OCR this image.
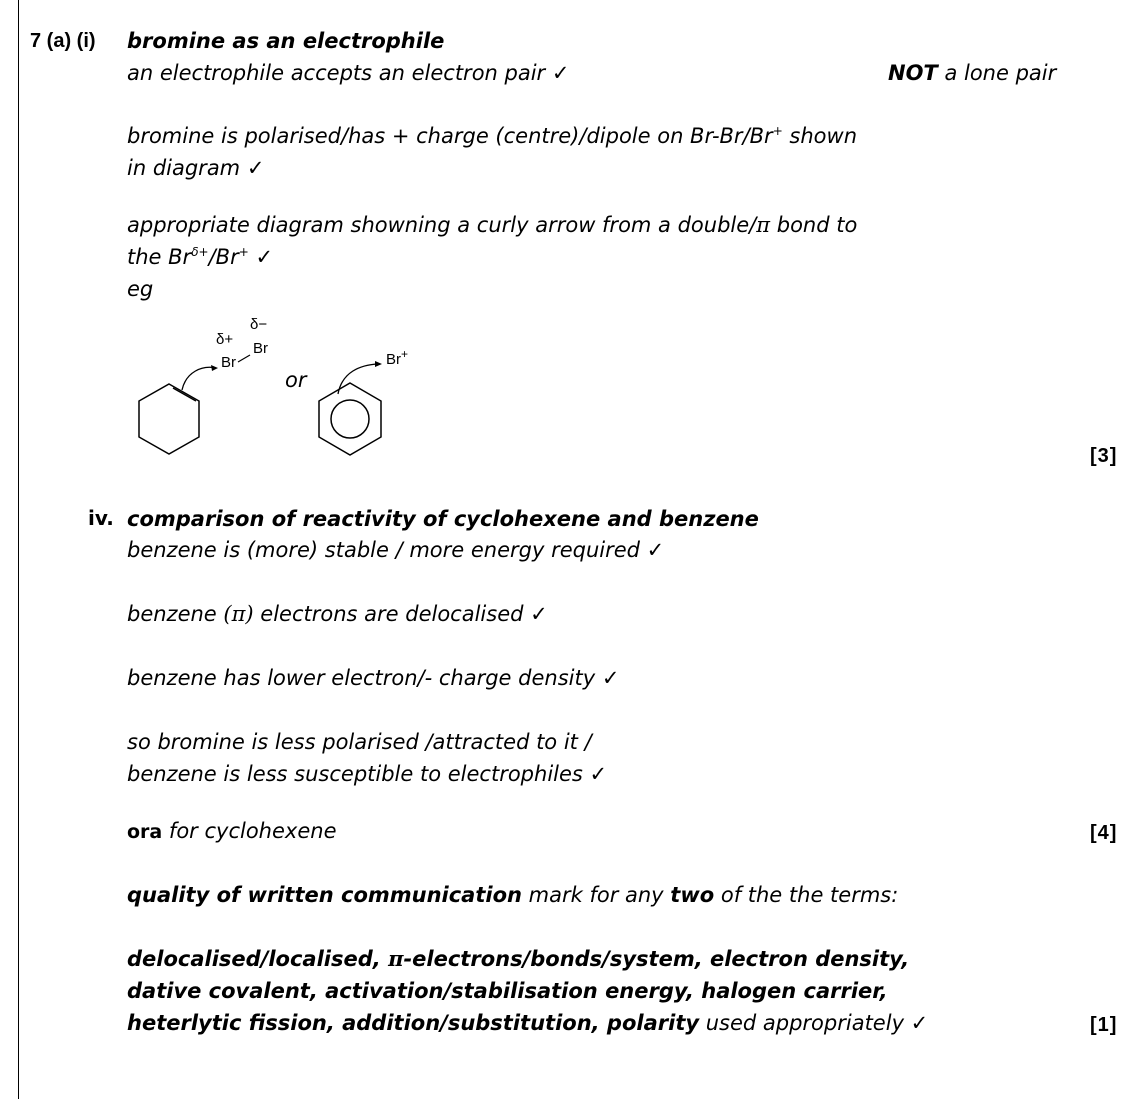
7 (a) (i) bromine as an electrophile
an electrophile accepts an electron pair ✓	NOT a lone pair
bromine is polarised/has + charge (centre)/dipole on Br-Br/Br+ shown
in diagram ✓
appropriate diagram showning a curly arrow from a double/π bond to
the $Br^{\delta+}/Br^+$ ✓
eg
δ+
δ−
Br
Br
or
Br+
[3]
iv. comparison of reactivity of cyclohexene and benzene
benzene is (more) stable / more energy required ✓
benzene (π) electrons are delocalised ✓
benzene has lower electron/- charge density ✓
so bromine is less polarised /attracted to it /
benzene is less susceptible to electrophiles ✓
ora for cyclohexene	[4]
quality of written communication mark for any two of the the terms:
delocalised/localised, π-electrons/bonds/system, electron density,
dative covalent, activation/stabilisation energy, halogen carrier,
heterlytic fission, addition/substitution, polarity used appropriately ✓	[1]
